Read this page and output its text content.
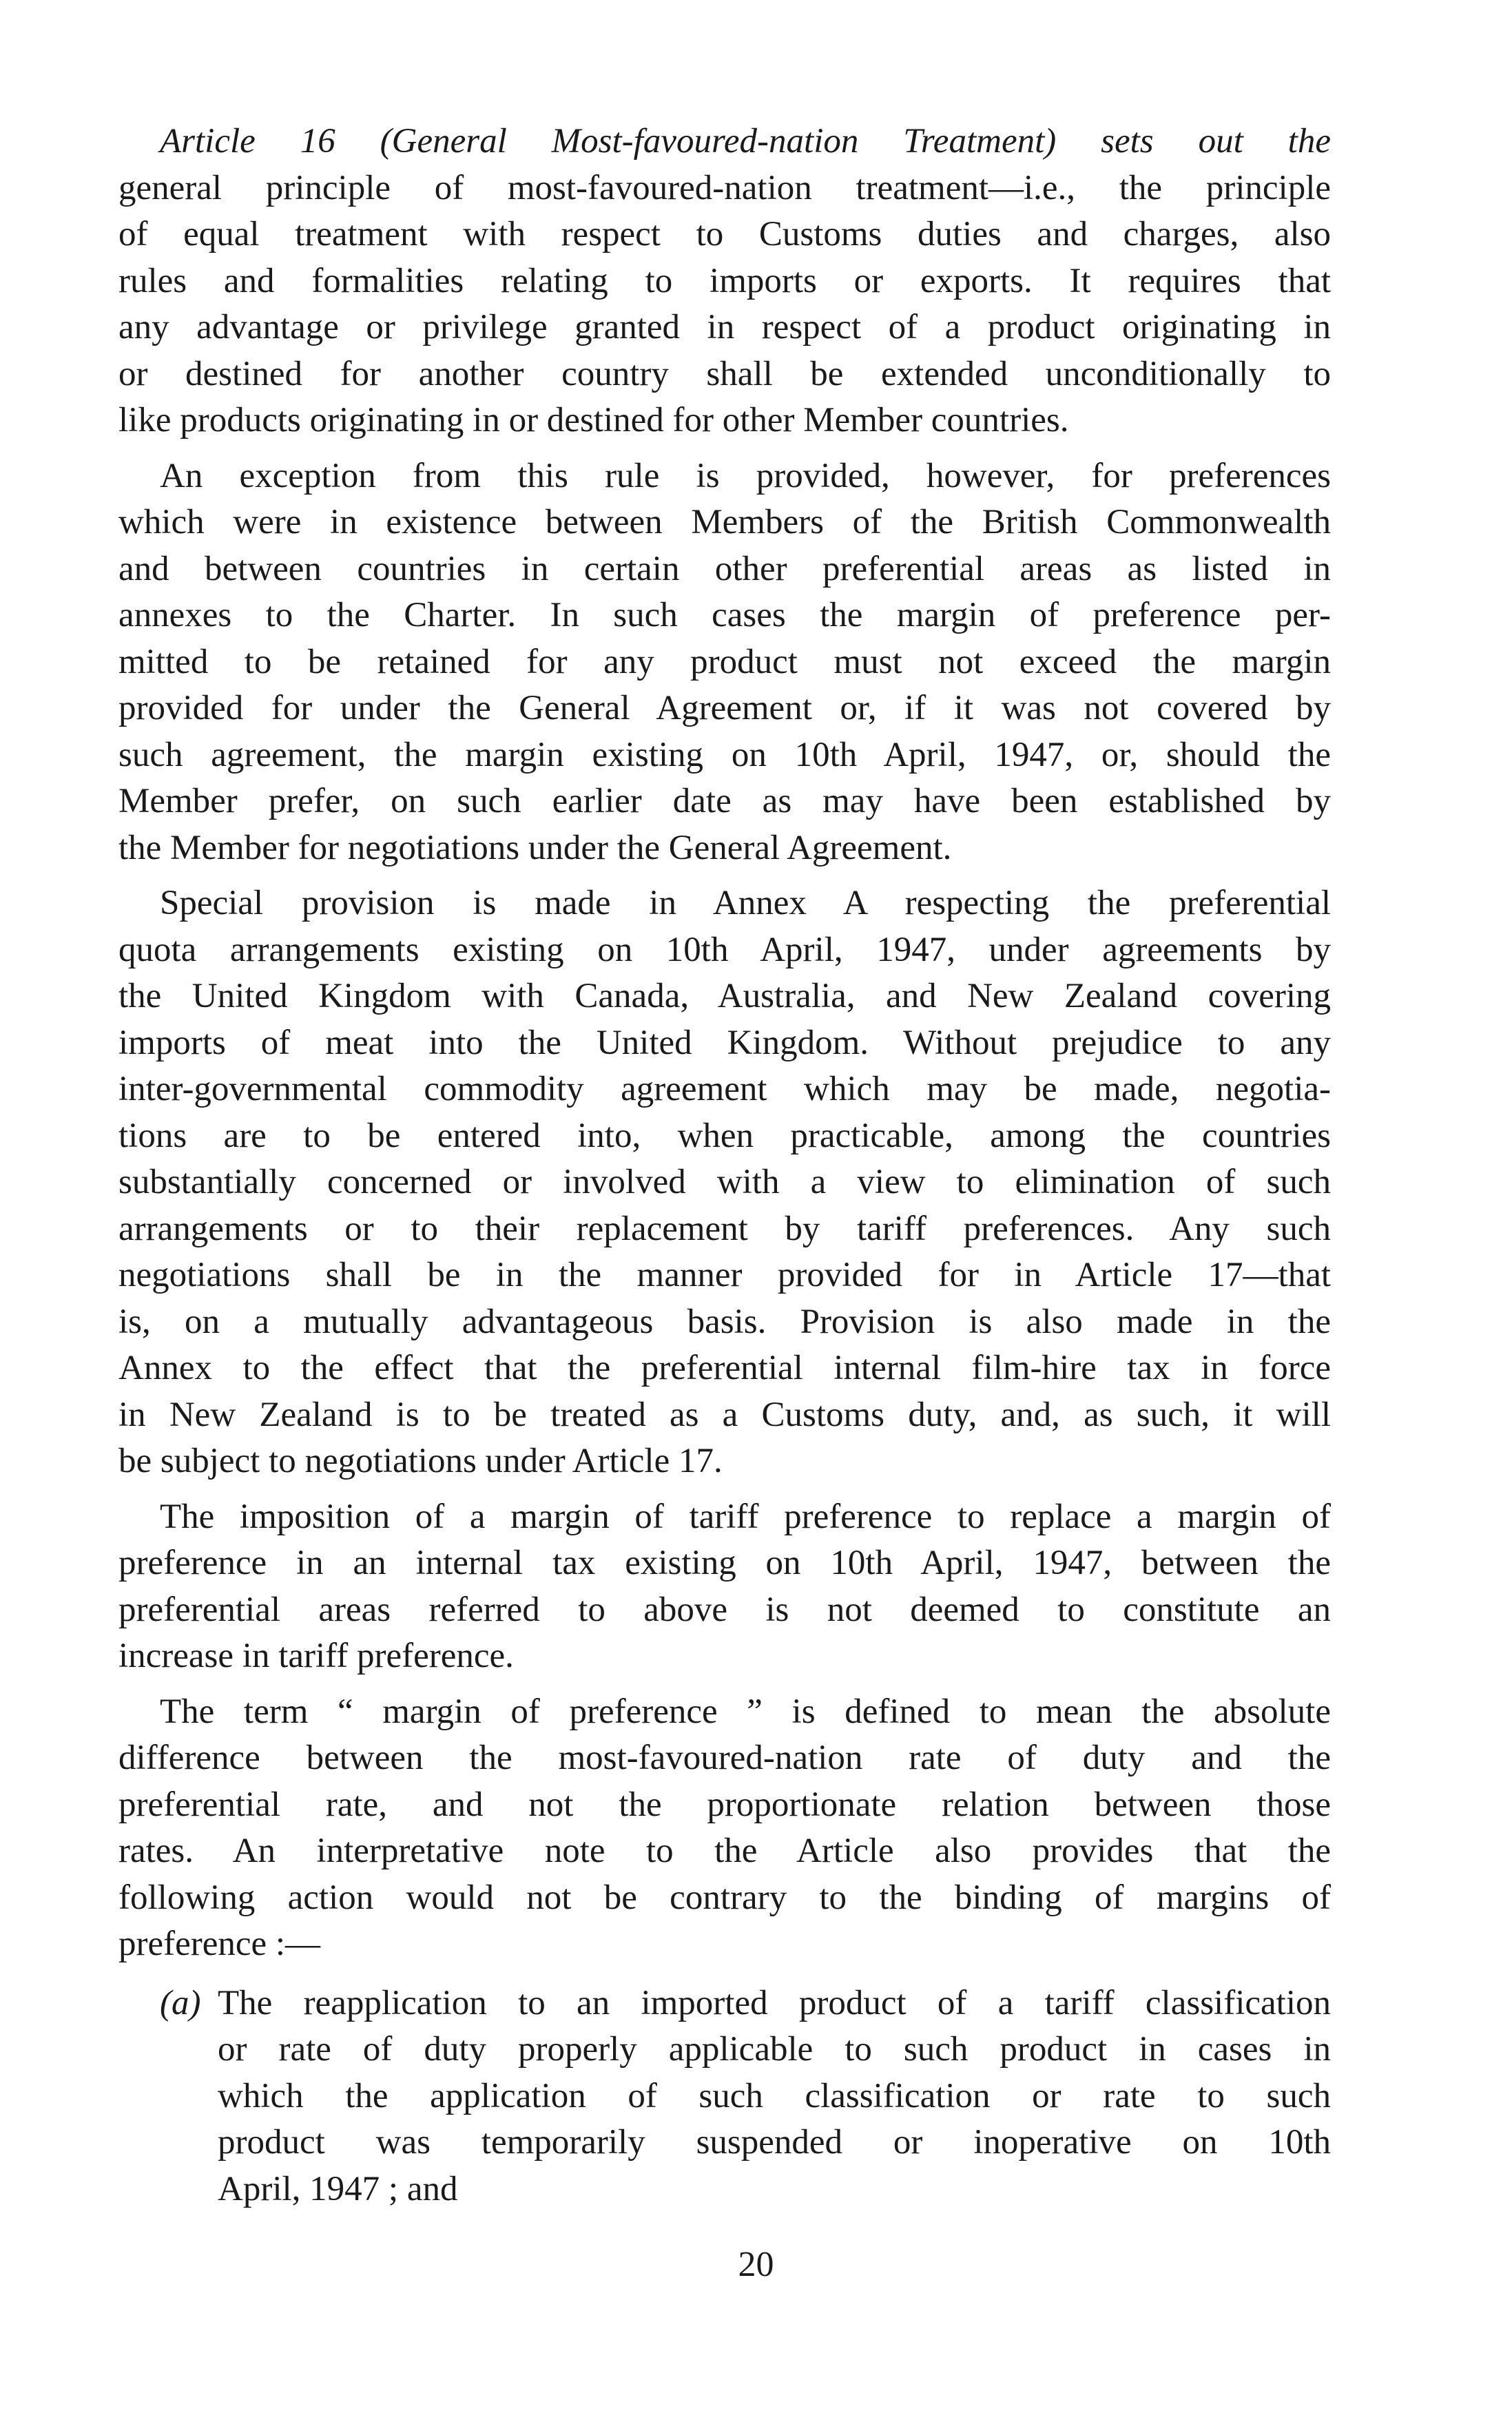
Article 16 (General Most-favoured-nation Treatment) sets out the
general principle of most-favoured-nation treatment—i.e., the principle
of equal treatment with respect to Customs duties and charges, also
rules and formalities relating to imports or exports. It requires that
any advantage or privilege granted in respect of a product originating in
or destined for another country shall be extended unconditionally to
like products originating in or destined for other Member countries.
An exception from this rule is provided, however, for preferences
which were in existence between Members of the British Commonwealth
and between countries in certain other preferential areas as listed in
annexes to the Charter. In such cases the margin of preference per-
mitted to be retained for any product must not exceed the margin
provided for under the General Agreement or, if it was not covered by
such agreement, the margin existing on 10th April, 1947, or, should the
Member prefer, on such earlier date as may have been established by
the Member for negotiations under the General Agreement.
Special provision is made in Annex A respecting the preferential
quota arrangements existing on 10th April, 1947, under agreements by
the United Kingdom with Canada, Australia, and New Zealand covering
imports of meat into the United Kingdom. Without prejudice to any
inter-governmental commodity agreement which may be made, negotia-
tions are to be entered into, when practicable, among the countries
substantially concerned or involved with a view to elimination of such
arrangements or to their replacement by tariff preferences. Any such
negotiations shall be in the manner provided for in Article 17—that
is, on a mutually advantageous basis. Provision is also made in the
Annex to the effect that the preferential internal film-hire tax in force
in New Zealand is to be treated as a Customs duty, and, as such, it will
be subject to negotiations under Article 17.
The imposition of a margin of tariff preference to replace a margin of
preference in an internal tax existing on 10th April, 1947, between the
preferential areas referred to above is not deemed to constitute an
increase in tariff preference.
The term “ margin of preference ” is defined to mean the absolute
difference between the most-favoured-nation rate of duty and the
preferential rate, and not the proportionate relation between those
rates. An interpretative note to the Article also provides that the
following action would not be contrary to the binding of margins of
preference :—
(a) The reapplication to an imported product of a tariff classification
or rate of duty properly applicable to such product in cases in
which the application of such classification or rate to such
product was temporarily suspended or inoperative on 10th
April, 1947 ; and
20
